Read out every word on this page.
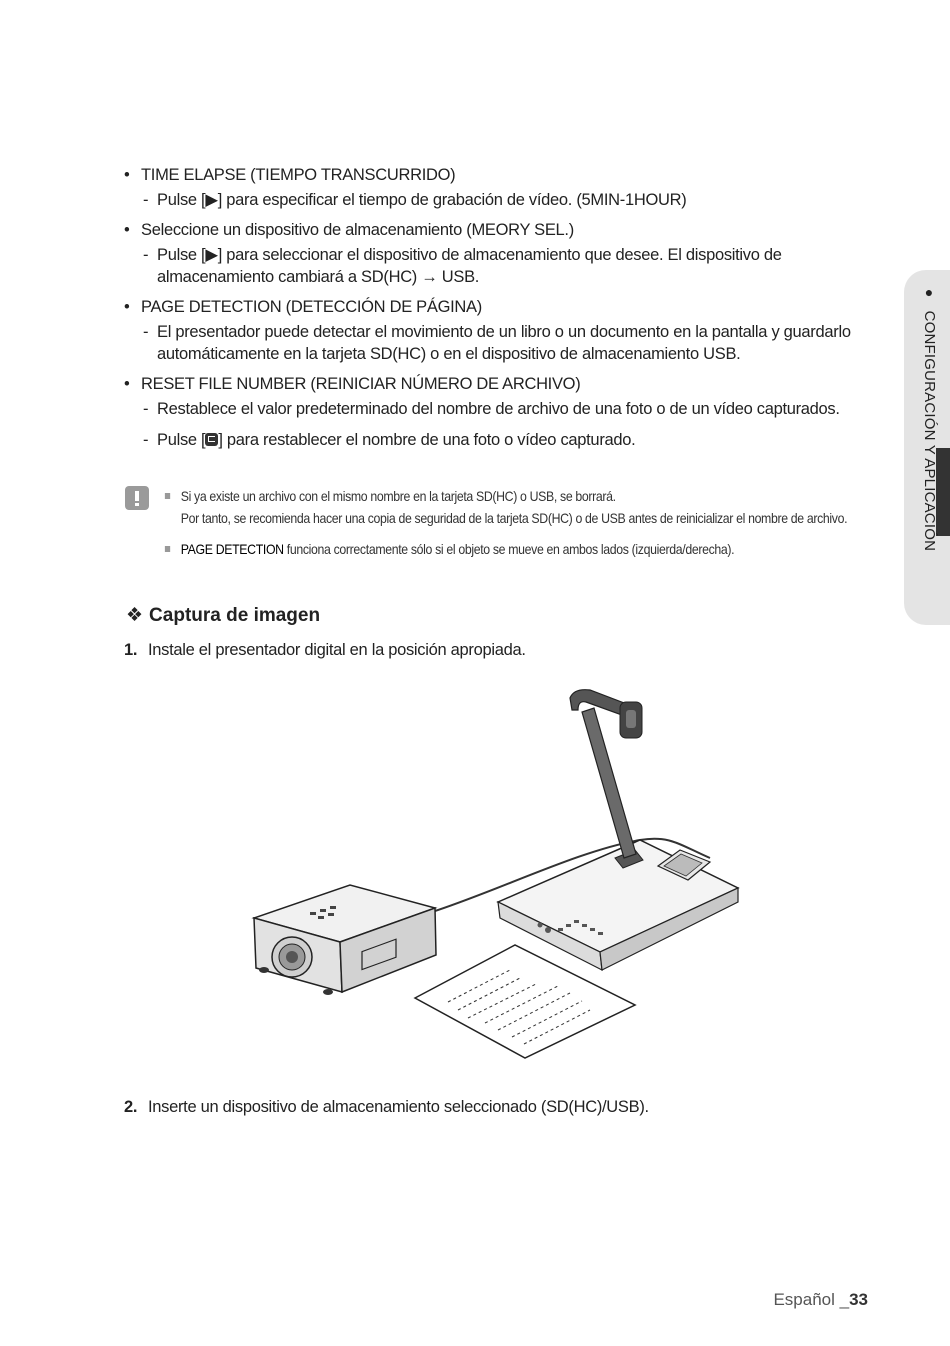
• TIME ELAPSE (TIEMPO TRANSCURRIDO)
- Pulse [▶] para especificar el tiempo de grabación de vídeo. (5MIN-1HOUR)
• Seleccione un dispositivo de almacenamiento (MEORY SEL.)
- Pulse [▶] para seleccionar el dispositivo de almacenamiento que desee. El dispositivo de almacenamiento cambiará a SD(HC) → USB.
• PAGE DETECTION (DETECCIÓN DE PÁGINA)
- El presentador puede detectar el movimiento de un libro o un documento en la pantalla y guardarlo automáticamente en la tarjeta SD(HC) o en el dispositivo de almacenamiento USB.
• RESET FILE NUMBER (REINICIAR NÚMERO DE ARCHIVO)
- Restablece el valor predeterminado del nombre de archivo de una foto o de un vídeo capturados.
- Pulse [ ] para restablecer el nombre de una foto o vídeo capturado.
Si ya existe un archivo con el mismo nombre en la tarjeta SD(HC) o USB, se borrará.
Por tanto, se recomienda hacer una copia de seguridad de la tarjeta SD(HC) o de USB antes de reinicializar el nombre de archivo.
PAGE DETECTION funciona correctamente sólo si el objeto se mueve en ambos lados (izquierda/derecha).
❖ Captura de imagen
1. Instale el presentador digital en la posición apropiada.
2. Inserte un dispositivo de almacenamiento seleccionado (SD(HC)/USB).
● CONFIGURACIÓN Y APLICACIÓN
Español _33
